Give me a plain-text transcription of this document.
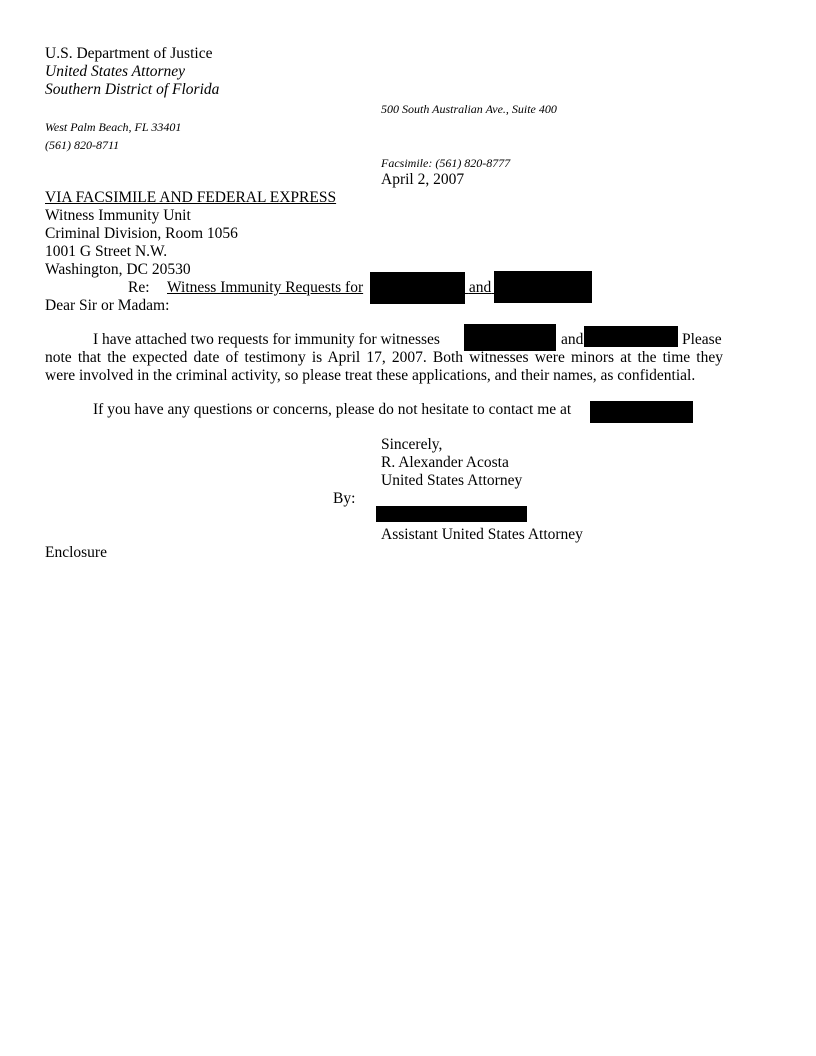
U.S. Department of Justice
United States Attorney
Southern District of Florida
500 South Australian Ave., Suite 400
West Palm Beach, FL 33401
(561) 820-8711
Facsimile: (561) 820-8777
April 2, 2007
VIA FACSIMILE AND FEDERAL EXPRESS
Witness Immunity Unit
Criminal Division, Room 1056
1001 G Street N.W.
Washington, DC 20530
Re: Witness Immunity Requests for	and
Dear Sir or Madam:
I have attached two requests for immunity for witnesses	and	Please
note that the expected date of testimony is April 17, 2007. Both witnesses were minors at the time they
were involved in the criminal activity, so please treat these applications, and their names, as confidential.
If you have any questions or concerns, please do not hesitate to contact me at
Sincerely,
R. Alexander Acosta
United States Attorney
By:
Assistant United States Attorney
Enclosure
